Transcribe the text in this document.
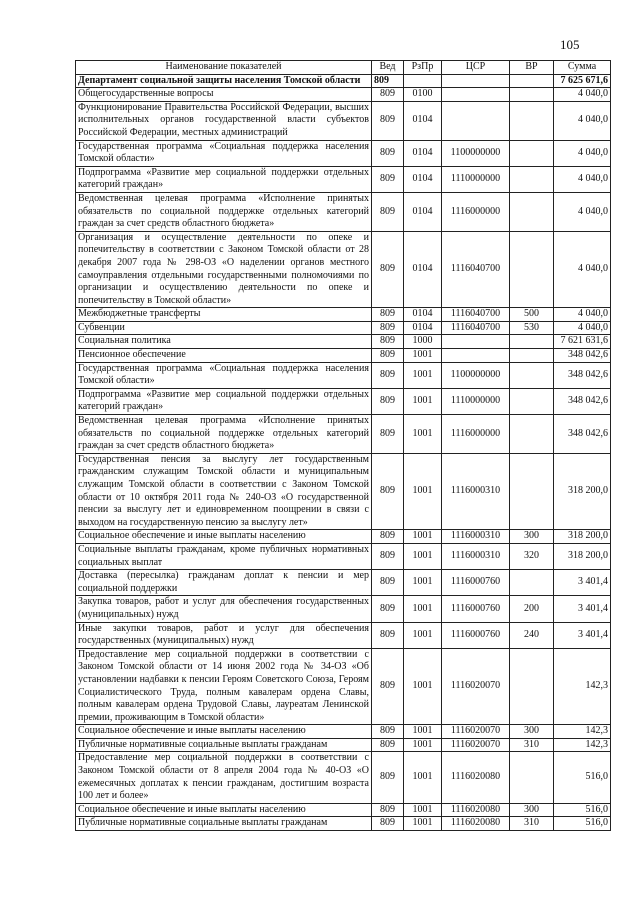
105
Наименование показателей	Вед	РзПр	ЦСР	ВР	Сумма
Департамент социальной защиты населения Томской области	809				7 625 671,6
Общегосударственные вопросы	809	0100			4 040,0
Функционирование Правительства Российской Федерации, высших исполнительных органов государственной власти субъектов Российской Федерации, местных администраций	809	0104			4 040,0
Государственная программа «Социальная поддержка населения Томской области»	809	0104	1100000000		4 040,0
Подпрограмма «Развитие мер социальной поддержки отдельных категорий граждан»	809	0104	1110000000		4 040,0
Ведомственная целевая программа «Исполнение принятых обязательств по социальной поддержке отдельных категорий граждан за счет средств областного бюджета»	809	0104	1116000000		4 040,0
Организация и осуществление деятельности по опеке и попечительству в соответствии с Законом Томской области от 28 декабря 2007 года № 298-ОЗ «О наделении органов местного самоуправления отдельными государственными полномочиями по организации и осуществлению деятельности по опеке и попечительству в Томской области»	809	0104	1116040700		4 040,0
Межбюджетные трансферты	809	0104	1116040700	500	4 040,0
Субвенции	809	0104	1116040700	530	4 040,0
Социальная политика	809	1000			7 621 631,6
Пенсионное обеспечение	809	1001			348 042,6
Государственная программа «Социальная поддержка населения Томской области»	809	1001	1100000000		348 042,6
Подпрограмма «Развитие мер социальной поддержки отдельных категорий граждан»	809	1001	1110000000		348 042,6
Ведомственная целевая программа «Исполнение принятых обязательств по социальной поддержке отдельных категорий граждан за счет средств областного бюджета»	809	1001	1116000000		348 042,6
Государственная пенсия за выслугу лет государственным гражданским служащим Томской области и муниципальным служащим Томской области в соответствии с Законом Томской области от 10 октября 2011 года № 240-ОЗ «О государственной пенсии за выслугу лет и единовременном поощрении в связи с выходом на государственную пенсию за выслугу лет»	809	1001	1116000310		318 200,0
Социальное обеспечение и иные выплаты населению	809	1001	1116000310	300	318 200,0
Социальные выплаты гражданам, кроме публичных нормативных социальных выплат	809	1001	1116000310	320	318 200,0
Доставка (пересылка) гражданам доплат к пенсии и мер социальной поддержки	809	1001	1116000760		3 401,4
Закупка товаров, работ и услуг для обеспечения государственных (муниципальных) нужд	809	1001	1116000760	200	3 401,4
Иные закупки товаров, работ и услуг для обеспечения государственных (муниципальных) нужд	809	1001	1116000760	240	3 401,4
Предоставление мер социальной поддержки в соответствии с Законом Томской области от 14 июня 2002 года № 34-ОЗ «Об установлении надбавки к пенсии Героям Советского Союза, Героям Социалистического Труда, полным кавалерам ордена Славы, полным кавалерам ордена Трудовой Славы, лауреатам Ленинской премии, проживающим в Томской области»	809	1001	1116020070		142,3
Социальное обеспечение и иные выплаты населению	809	1001	1116020070	300	142,3
Публичные нормативные социальные выплаты гражданам	809	1001	1116020070	310	142,3
Предоставление мер социальной поддержки в соответствии с Законом Томской области от 8 апреля 2004 года № 40-ОЗ «О ежемесячных доплатах к пенсии гражданам, достигшим возраста 100 лет и более»	809	1001	1116020080		516,0
Социальное обеспечение и иные выплаты населению	809	1001	1116020080	300	516,0
Публичные нормативные социальные выплаты гражданам	809	1001	1116020080	310	516,0
